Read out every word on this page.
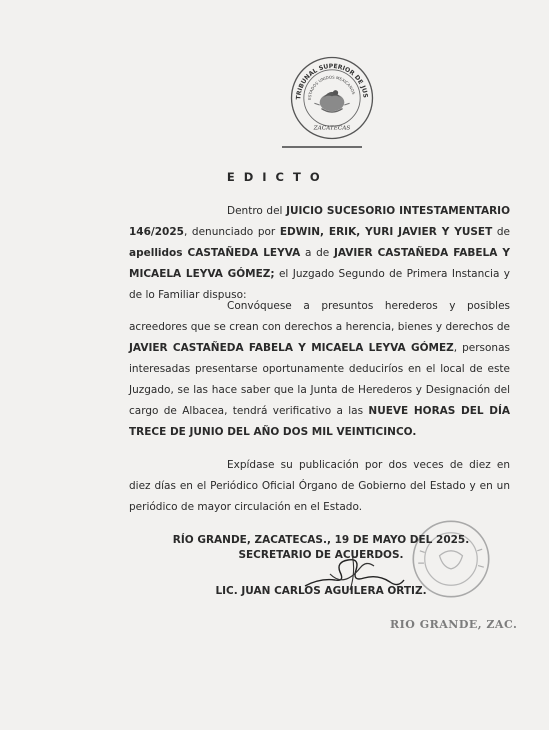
TRIBUNAL SUPERIOR DE JUS
ESTADOS UNIDOS MEXICANOS
ZACATECAS
E D I C T O
Dentro del JUICIO SUCESORIO INTESTAMENTARIO 146/2025, denunciado por EDWIN, ERIK, YURI JAVIER Y YUSET de apellidos CASTAÑEDA LEYVA a de JAVIER CASTAÑEDA FABELA Y MICAELA LEYVA GÓMEZ; el Juzgado Segundo de Primera Instancia y de lo Familiar dispuso:
Convóquese a presuntos herederos y posibles acreedores que se crean con derechos a herencia, bienes y derechos de JAVIER CASTAÑEDA FABELA Y MICAELA LEYVA GÓMEZ, personas interesadas presentarse oportunamente deduciríos en el local de este Juzgado, se las hace saber que la Junta de Herederos y Designación del cargo de Albacea, tendrá verificativo a las NUEVE HORAS DEL DÍA TRECE DE JUNIO DEL AÑO DOS MIL VEINTICINCO.
Expídase su publicación por dos veces de diez en diez días en el Periódico Oficial Órgano de Gobierno del Estado y en un periódico de mayor circulación en el Estado.
RÍO GRANDE, ZACATECAS., 19 DE MAYO DEL 2025.
SECRETARIO DE ACUERDOS.
LIC. JUAN CARLOS AGUILERA ORTIZ.
RIO GRANDE, ZAC.
